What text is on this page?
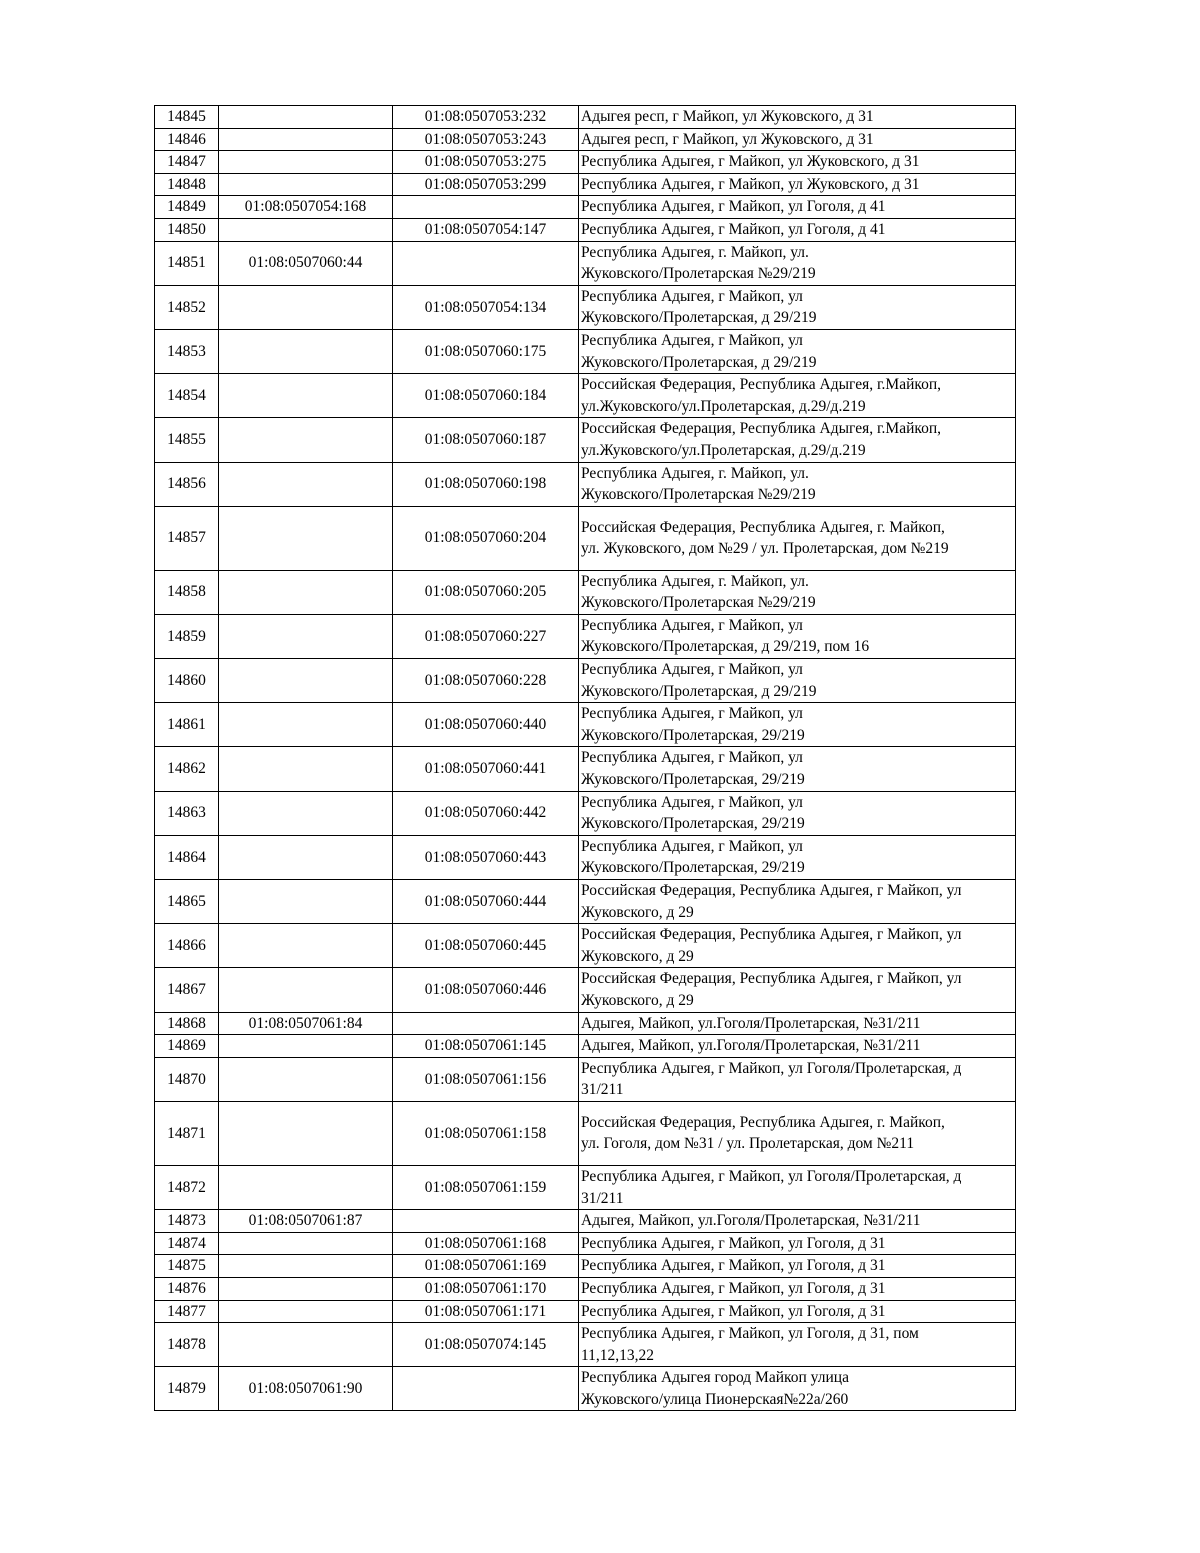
14845		01:08:0507053:232	Адыгея респ, г Майкоп, ул Жуковского, д 31
14846		01:08:0507053:243	Адыгея респ, г Майкоп, ул Жуковского, д 31
14847		01:08:0507053:275	Республика Адыгея, г Майкоп, ул Жуковского, д 31
14848		01:08:0507053:299	Республика Адыгея, г Майкоп, ул Жуковского, д 31
14849	01:08:0507054:168		Республика Адыгея, г Майкоп, ул Гоголя, д 41
14850		01:08:0507054:147	Республика Адыгея, г Майкоп, ул Гоголя, д 41
14851	01:08:0507060:44		Республика Адыгея, г. Майкоп, ул.
Жуковского/Пролетарская №29/219
14852		01:08:0507054:134	Республика Адыгея, г Майкоп, ул
Жуковского/Пролетарская, д 29/219
14853		01:08:0507060:175	Республика Адыгея, г Майкоп, ул
Жуковского/Пролетарская, д 29/219
14854		01:08:0507060:184	Российская Федерация, Республика Адыгея, г.Майкоп,
ул.Жуковского/ул.Пролетарская, д.29/д.219
14855		01:08:0507060:187	Российская Федерация, Республика Адыгея, г.Майкоп,
ул.Жуковского/ул.Пролетарская, д.29/д.219
14856		01:08:0507060:198	Республика Адыгея, г. Майкоп, ул.
Жуковского/Пролетарская №29/219
14857		01:08:0507060:204	Российская Федерация, Республика Адыгея, г. Майкоп,
ул. Жуковского, дом №29 / ул. Пролетарская, дом №219
14858		01:08:0507060:205	Республика Адыгея, г. Майкоп, ул.
Жуковского/Пролетарская №29/219
14859		01:08:0507060:227	Республика Адыгея, г Майкоп, ул
Жуковского/Пролетарская, д 29/219, пом 16
14860		01:08:0507060:228	Республика Адыгея, г Майкоп, ул
Жуковского/Пролетарская, д 29/219
14861		01:08:0507060:440	Республика Адыгея, г Майкоп, ул
Жуковского/Пролетарская, 29/219
14862		01:08:0507060:441	Республика Адыгея, г Майкоп, ул
Жуковского/Пролетарская, 29/219
14863		01:08:0507060:442	Республика Адыгея, г Майкоп, ул
Жуковского/Пролетарская, 29/219
14864		01:08:0507060:443	Республика Адыгея, г Майкоп, ул
Жуковского/Пролетарская, 29/219
14865		01:08:0507060:444	Российская Федерация, Республика Адыгея, г Майкоп, ул
Жуковского, д 29
14866		01:08:0507060:445	Российская Федерация, Республика Адыгея, г Майкоп, ул
Жуковского, д 29
14867		01:08:0507060:446	Российская Федерация, Республика Адыгея, г Майкоп, ул
Жуковского, д 29
14868	01:08:0507061:84		Адыгея, Майкоп, ул.Гоголя/Пролетарская, №31/211
14869		01:08:0507061:145	Адыгея, Майкоп, ул.Гоголя/Пролетарская, №31/211
14870		01:08:0507061:156	Республика Адыгея, г Майкоп, ул Гоголя/Пролетарская, д
31/211
14871		01:08:0507061:158	Российская Федерация, Республика Адыгея, г. Майкоп,
ул. Гоголя, дом №31 / ул. Пролетарская, дом №211
14872		01:08:0507061:159	Республика Адыгея, г Майкоп, ул Гоголя/Пролетарская, д
31/211
14873	01:08:0507061:87		Адыгея, Майкоп, ул.Гоголя/Пролетарская, №31/211
14874		01:08:0507061:168	Республика Адыгея, г Майкоп, ул Гоголя, д 31
14875		01:08:0507061:169	Республика Адыгея, г Майкоп, ул Гоголя, д 31
14876		01:08:0507061:170	Республика Адыгея, г Майкоп, ул Гоголя, д 31
14877		01:08:0507061:171	Республика Адыгея, г Майкоп, ул Гоголя, д 31
14878		01:08:0507074:145	Республика Адыгея, г Майкоп, ул Гоголя, д 31, пом
11,12,13,22
14879	01:08:0507061:90		Республика Адыгея город Майкоп улица
Жуковского/улица Пионерская№22а/260
